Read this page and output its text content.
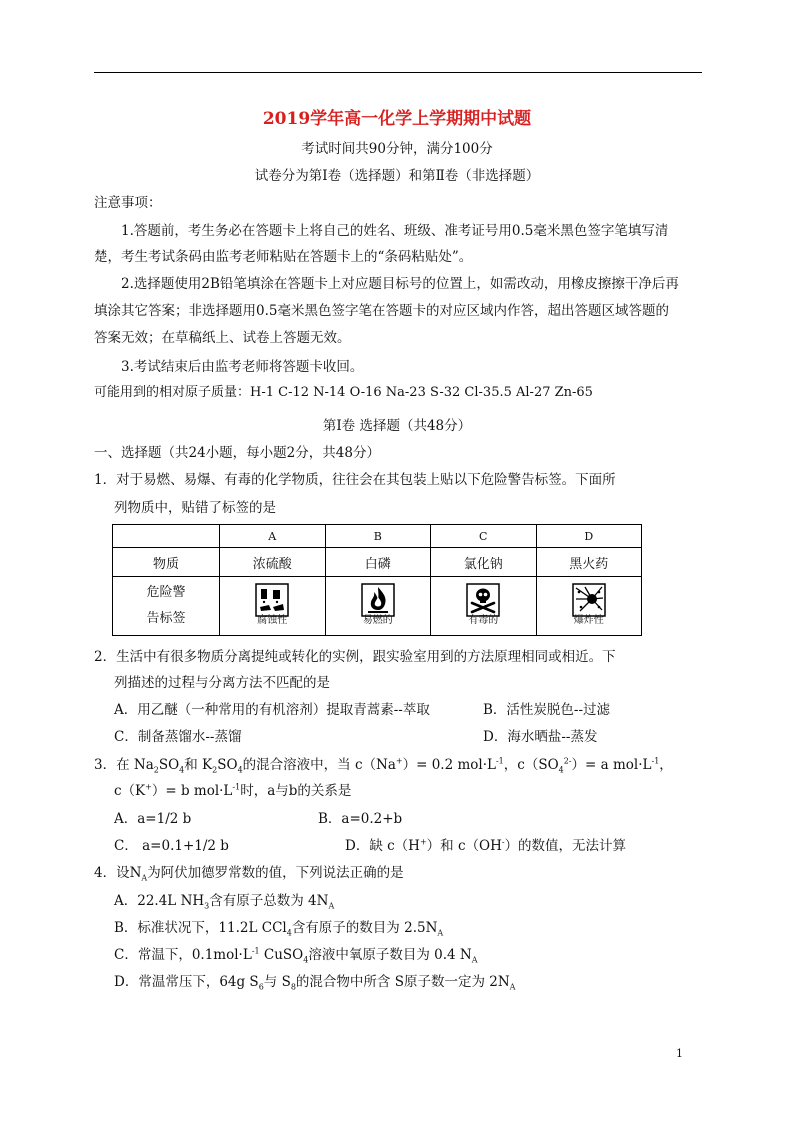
2019学年高一化学上学期期中试题
考试时间共90分钟，满分100分
试卷分为第Ⅰ卷（选择题）和第Ⅱ卷（非选择题）
注意事项：
1.答题前，考生务必在答题卡上将自己的姓名、班级、准考证号用0.5毫米黑色签字笔填写清
楚，考生考试条码由监考老师粘贴在答题卡上的“条码粘贴处”。
2.选择题使用2B铅笔填涂在答题卡上对应题目标号的位置上，如需改动，用橡皮擦擦干净后再
填涂其它答案；非选择题用0.5毫米黑色签字笔在答题卡的对应区域内作答，超出答题区域答题的
答案无效；在草稿纸上、试卷上答题无效。
3.考试结束后由监考老师将答题卡收回。
可能用到的相对原子质量：H-1 C-12 N-14 O-16 Na-23 S-32 Cl-35.5 Al-27 Zn-65
第Ⅰ卷 选择题（共48分）
一、选择题（共24小题，每小题2分，共48分）
1．对于易燃、易爆、有毒的化学物质，往往会在其包装上贴以下危险警告标签。下面所
列物质中，贴错了标签的是
	A	B	C	D
物质	浓硫酸	白磷	氯化钠	黑火药

危险警
告标签	腐蚀性	易燃的	有毒的	爆炸性
2．生活中有很多物质分离提纯或转化的实例，跟实验室用到的方法原理相同或相近。下
列描述的过程与分离方法不匹配的是
A．用乙醚（一种常用的有机溶剂）提取青蒿素--萃取	B．活性炭脱色--过滤
C．制备蒸馏水--蒸馏	D．海水晒盐--蒸发
3．在 $Na_2SO_4$和 $K_2SO_4$的混合溶液中，当 c（Na+）= 0.2 $mol\cdot L^{-1}$，$c(SO_4^{2-})= a$ $mol\cdot L^{-1}$，
c（K+）= b $mol\cdot L^{-1}$时，a与b的关系是
A．a=1/2 b	B．a=0.2+b
C． a=0.1+1/2 b	D．缺 c（H+）和 c（OH-）的数值，无法计算
4．设$N_A$为阿伏加德罗常数的值，下列说法正确的是
A．22.4L $NH_3$含有原子总数为 $4N_A$
B．标准状况下，11.2L CCl$_4$含有原子的数目为 $2.5N_A$
C．常温下，$0.1mol\cdot L^{-1}$ CuSO$_4$溶液中氧原子数目为 0.4 $N_A$
D．常温常压下，64g $S_6$与 $S_8$的混合物中所含 S原子数一定为 $2N_A$
1
